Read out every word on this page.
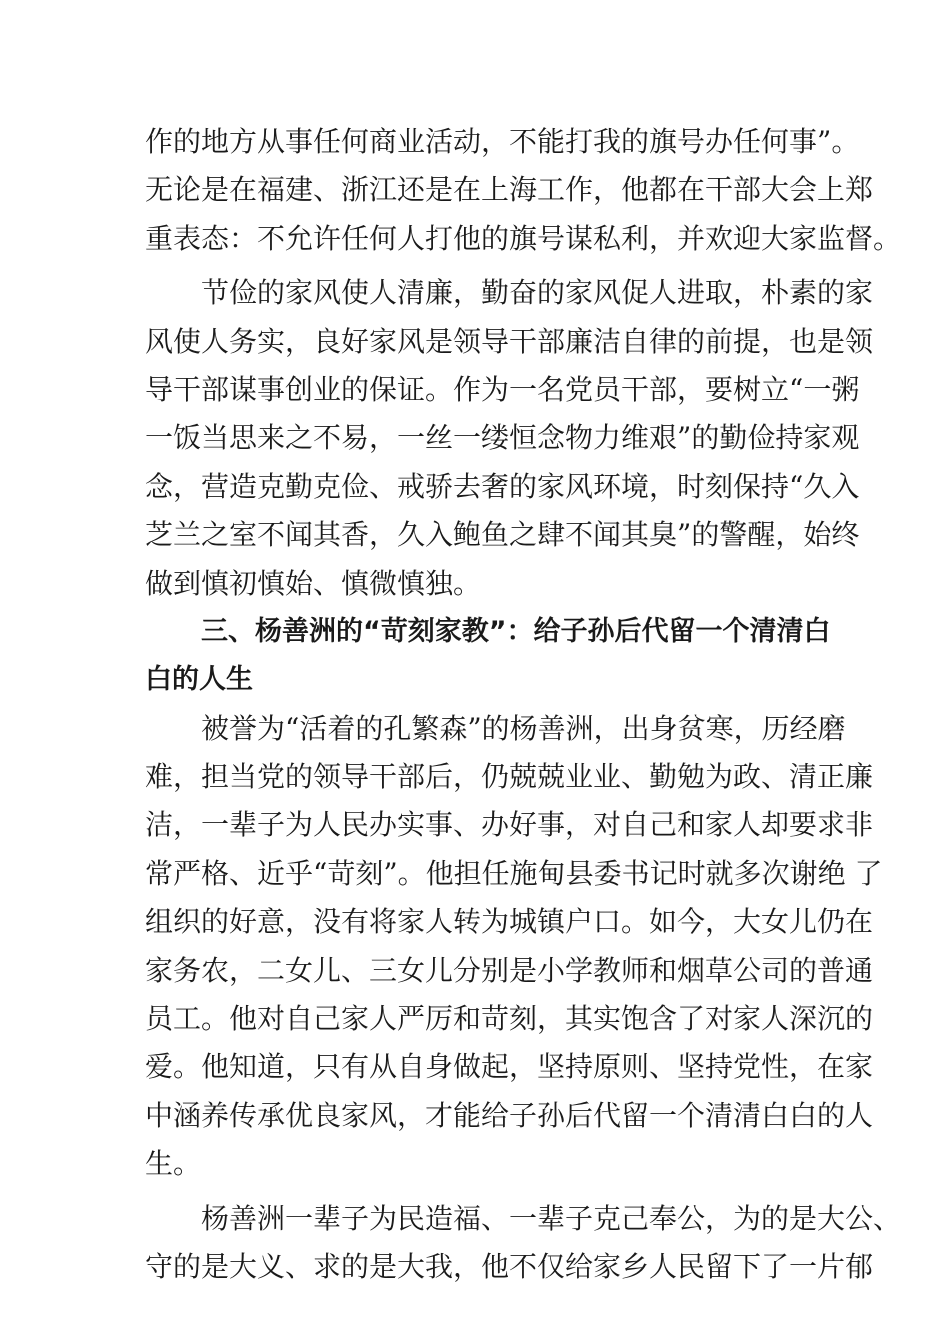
作的地方从事任何商业活动，不能打我的旗号办任何事”。
无论是在福建、浙江还是在上海工作，他都在干部大会上郑
重表态：不允许任何人打他的旗号谋私利，并欢迎大家监督。
节俭的家风使人清廉，勤奋的家风促人进取，朴素的家
风使人务实，良好家风是领导干部廉洁自律的前提，也是领
导干部谋事创业的保证。作为一名党员干部，要树立“一粥
一饭当思来之不易，一丝一缕恒念物力维艰”的勤俭持家观
念，营造克勤克俭、戒骄去奢的家风环境，时刻保持“久入
芝兰之室不闻其香，久入鲍鱼之肆不闻其臭”的警醒，始终
做到慎初慎始、慎微慎独。
三、杨善洲的“苛刻家教”：给子孙后代留一个清清白
白的人生
被誉为“活着的孔繁森”的杨善洲，出身贫寒，历经磨
难，担当党的领导干部后，仍兢兢业业、勤勉为政、清正廉
洁，一辈子为人民办实事、办好事，对自己和家人却要求非
常严格、近乎“苛刻”。他担任施甸县委书记时就多次谢绝 了
组织的好意，没有将家人转为城镇户口。如今，大女儿仍在
家务农，二女儿、三女儿分别是小学教师和烟草公司的普通
员工。他对自己家人严厉和苛刻，其实饱含了对家人深沉的
爱。他知道，只有从自身做起，坚持原则、坚持党性，在家
中涵养传承优良家风，才能给子孙后代留一个清清白白的人
生。
杨善洲一辈子为民造福、一辈子克己奉公，为的是大公、
守的是大义、求的是大我，他不仅给家乡人民留下了一片郁
